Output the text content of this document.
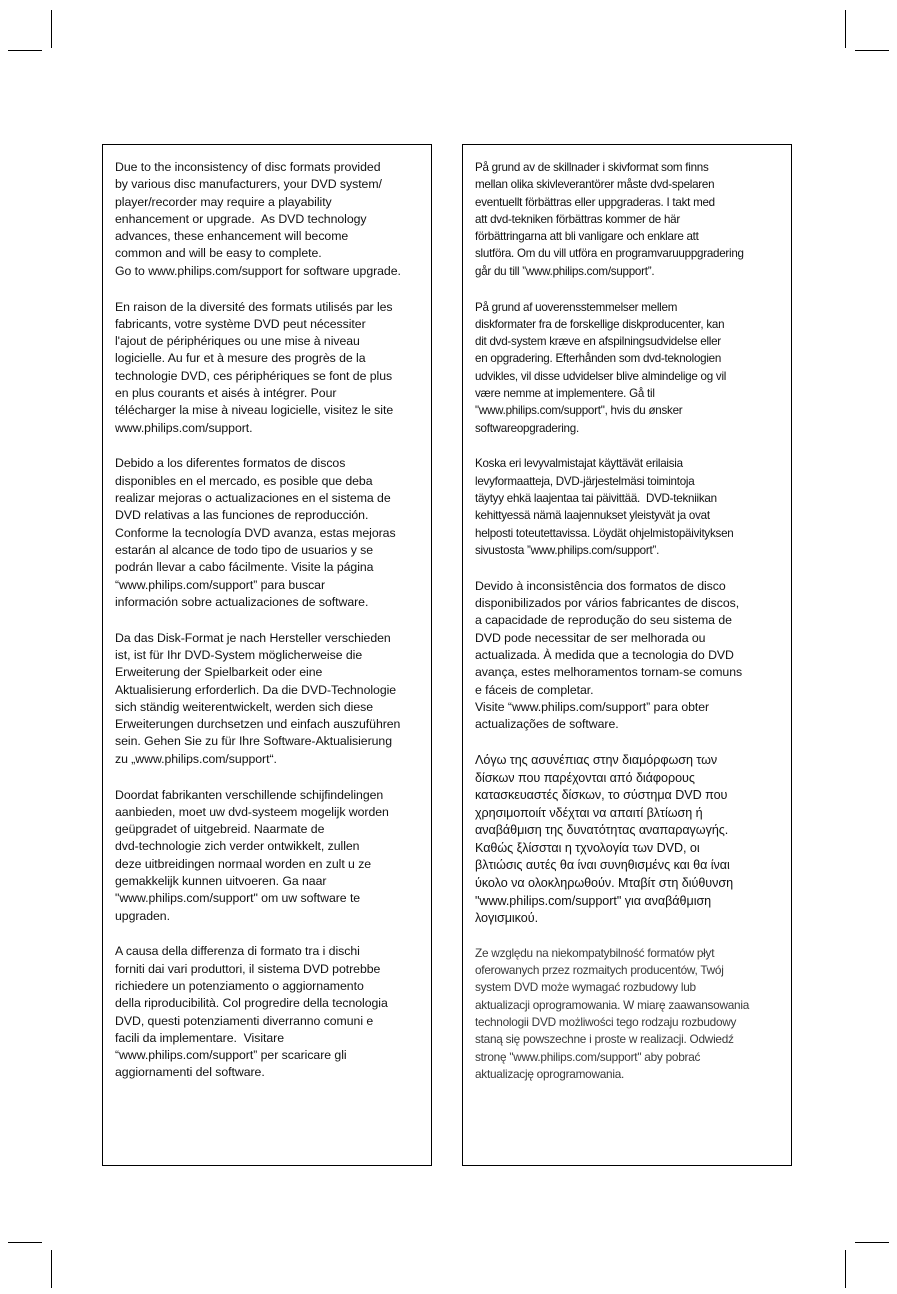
Due to the inconsistency of disc formats provided
by various disc manufacturers, your DVD system/
player/recorder may require a playability
enhancement or upgrade.  As DVD technology
advances, these enhancement will become
common and will be easy to complete.
Go to www.philips.com/support for software upgrade.

En raison de la diversité des formats utilisés par les
fabricants, votre système DVD peut nécessiter
l'ajout de périphériques ou une mise à niveau
logicielle. Au fur et à mesure des progrès de la
technologie DVD, ces périphériques se font de plus
en plus courants et aisés à intégrer. Pour
télécharger la mise à niveau logicielle, visitez le site
www.philips.com/support.

Debido a los diferentes formatos de discos
disponibles en el mercado, es posible que deba
realizar mejoras o actualizaciones en el sistema de
DVD relativas a las funciones de reproducción.
Conforme la tecnología DVD avanza, estas mejoras
estarán al alcance de todo tipo de usuarios y se
podrán llevar a cabo fácilmente. Visite la página
“www.philips.com/support” para buscar
información sobre actualizaciones de software.

Da das Disk-Format je nach Hersteller verschieden
ist, ist für Ihr DVD-System möglicherweise die
Erweiterung der Spielbarkeit oder eine
Aktualisierung erforderlich. Da die DVD-Technologie
sich ständig weiterentwickelt, werden sich diese
Erweiterungen durchsetzen und einfach auszuführen
sein. Gehen Sie zu für Ihre Software-Aktualisierung
zu „www.philips.com/support“.

Doordat fabrikanten verschillende schijfindelingen
aanbieden, moet uw dvd-systeem mogelijk worden
geüpgradet of uitgebreid. Naarmate de
dvd-technologie zich verder ontwikkelt, zullen
deze uitbreidingen normaal worden en zult u ze
gemakkelijk kunnen uitvoeren. Ga naar
"www.philips.com/support" om uw software te
upgraden.

A causa della differenza di formato tra i dischi
forniti dai vari produttori, il sistema DVD potrebbe
richiedere un potenziamento o aggiornamento
della riproducibilità. Col progredire della tecnologia
DVD, questi potenziamenti diverranno comuni e
facili da implementare.  Visitare
“www.philips.com/support” per scaricare gli
aggiornamenti del software.

På grund av de skillnader i skivformat som finns
mellan olika skivleverantörer måste dvd-spelaren
eventuellt förbättras eller uppgraderas. I takt med
att dvd-tekniken förbättras kommer de här
förbättringarna att bli vanligare och enklare att
slutföra. Om du vill utföra en programvaruuppgradering
går du till ”www.philips.com/support”.

På grund af uoverensstemmelser mellem
diskformater fra de forskellige diskproducenter, kan
dit dvd-system kræve en afspilningsudvidelse eller
en opgradering. Efterhånden som dvd-teknologien
udvikles, vil disse udvidelser blive almindelige og vil
være nemme at implementere. Gå til
"www.philips.com/support", hvis du ønsker
softwareopgradering.

Koska eri levyvalmistajat käyttävät erilaisia
levyformaatteja, DVD-järjestelmäsi toimintoja
täytyy ehkä laajentaa tai päivittää.  DVD-tekniikan
kehittyessä nämä laajennukset yleistyvät ja ovat
helposti toteutettavissa. Löydät ohjelmistopäivityksen
sivustosta ”www.philips.com/support”.

Devido à inconsistência dos formatos de disco
disponibilizados por vários fabricantes de discos,
a capacidade de reprodução do seu sistema de
DVD pode necessitar de ser melhorada ou
actualizada. À medida que a tecnologia do DVD
avança, estes melhoramentos tornam-se comuns
e fáceis de completar.
Visite “www.philips.com/support” para obter
actualizações de software.

Λόγω της ασυνέπιας στην διαμόρφωση των
δίσκων που παρέχονται από διάφορους
κατασκευαστές δίσκων, το σύστημα DVD που
χρησιμοποιίτ νδέχται να απαιτί βλτίωση ή
αναβάθμιση της δυνατότητας αναπαραγωγής.
Καθώς ξλίσσται η τχνολογία των DVD, οι
βλτιώσις αυτές θα ίναι συνηθισμένς και θα ίναι
ύκολο να ολοκληρωθούν. Μταβίτ στη διύθυνση
"www.philips.com/support" για αναβάθμιση
λογισμικού.

Ze względu na niekompatybilność formatów płyt
oferowanych przez rozmaitych producentów, Twój
system DVD może wymagać rozbudowy lub
aktualizacji oprogramowania. W miarę zaawansowania
technologii DVD możliwości tego rodzaju rozbudowy
staną się powszechne i proste w realizacji. Odwiedź
stronę "www.philips.com/support" aby pobrać
aktualizację oprogramowania.
